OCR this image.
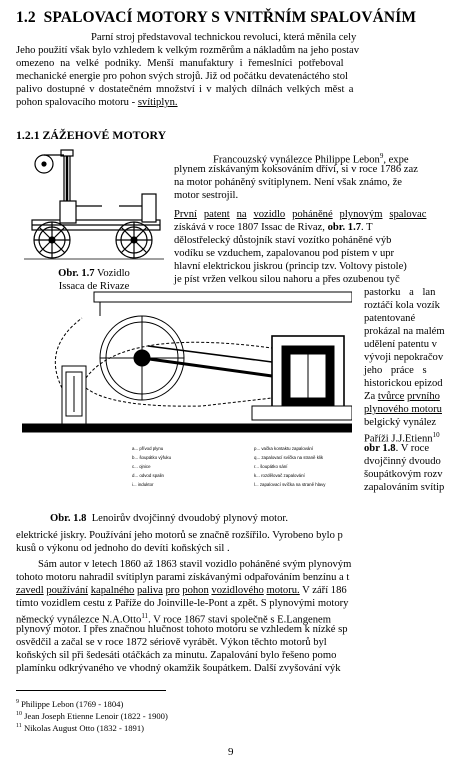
1.2 SPALOVACÍ MOTORY S VNITŘNÍM SPALOVÁNÍM
Parní stroj představoval technickou revoluci, která měnila cely
Jeho použití však bylo vzhledem k velkým rozměrům a nákladům na jeho postav
omezeno na velké podniky. Menší manufaktury i řemeslníci potřeboval
mechanické energie pro pohon svých strojů. Již od počátku devatenáctého stol
palivo dostupné v dostatečném množství i v malých dílnách velkých měst a
pohon spalovacího motoru - svítiplyn.
1.2.1 ZÁŽEHOVÉ MOTORY
Obr. 1.7 Vozidlo
Issaca de Rivaze
Francouzský vynálezce Philippe Lebon$^9$, expe
plynem získávaným koksováním dříví, si v roce 1786 zaz
na motor poháněný svítiplynem. Není však známo, že
motor sestrojil.
První patent na vozidlo poháněné plynovým spalovac
získává v roce 1807 Issac de Rivaz, obr. 1.7. T
dělostřelecký důstojník staví vozítko poháněné výb
vodíku se vzduchem, zapalovanou pod pístem v upr
hlavní elektrickou jiskrou (princip tzv. Voltovy pistole)
je píst vržen velkou silou nahoru a přes ozubenou tyč
a... přívod plynu
b... šoupátko výfuku
c... ojnice
d... odvod spalin
i... induktor
p... vačka kontaktu zapalování
q... zapalovací svíčka na straně klik
r... šoupátko sání
k... rozdělovač zapalování
l... zapalovací svíčka na straně hlavy
Obr. 1.8 Lenoirův dvojčinný dvoudobý plynový motor.
pastorku a lan
roztáčí kola vozík
patentované
prokázal na malém
udělení patentu v
vývoji nepokračov
jeho práce s
historickou epizod
Za tvůrce prvního
plynového motoru
belgický vynález
Paříži J.J.Etienn$^{10}$
obr 1.8. V roce
dvojčinný dvoudo
šoupátkovým rozv
zapalováním svítip
elektrické jiskry. Používání jeho motorů se značně rozšířilo. Vyrobeno bylo p
kusů o výkonu od jednoho do devíti koňských sil .
Sám autor v letech 1860 až 1863 stavil vozidlo poháněné svým plynovým
tohoto motoru nahradil svítiplyn parami získávanými odpařováním benzínu a t
zavedl používání kapalného paliva pro pohon vozidlového motoru. V září 186
tímto vozidlem cestu z Paříže do Joinville-le-Pont a zpět. S plynovými motory
německý vynálezce N.A.Otto$^{11}$. V roce 1867 stavi společně s E.Langenem
plynový motor. I přes značnou hlučnost tohoto motoru se vzhledem k nízké sp
osvědčil a začal se v roce 1872 sériově vyrábět. Výkon těchto motorů byl
koňských sil při šedesáti otáčkách za minutu. Zapalování bylo řešeno pomo
plamínku odkrývaného ve vhodný okamžik šoupátkem. Další zvyšování výk
$^9$ Philippe Lebon (1769 - 1804)
$^{10}$ Jean Joseph Etienne Lenoir (1822 - 1900)
$^{11}$ Nikolas August Otto (1832 - 1891)
9
